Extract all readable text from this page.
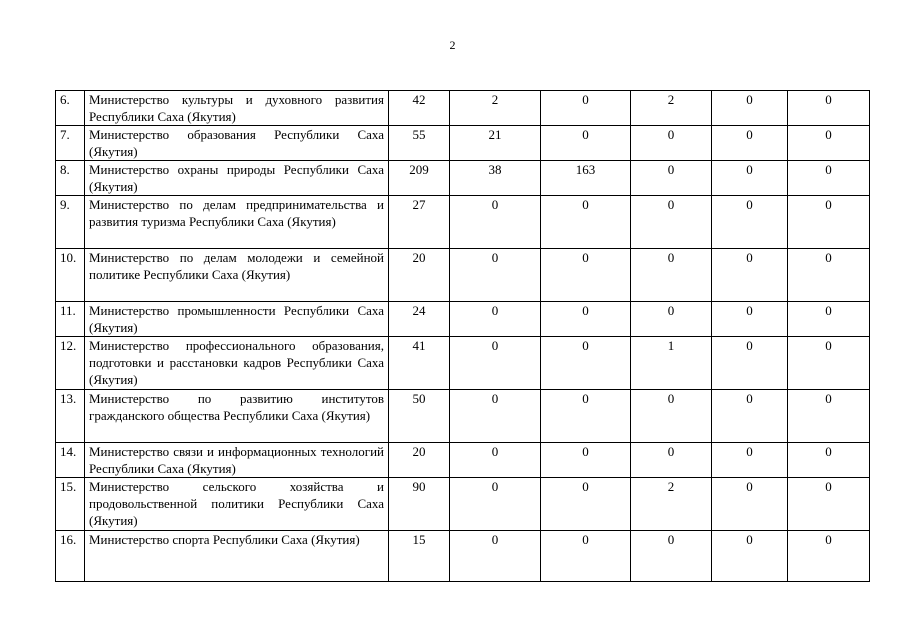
2
6.	Министерство культуры и духовного развития Республики Саха (Якутия)	42	2	0	2	0	0
7.	Министерство образования Республики Саха (Якутия)	55	21	0	0	0	0
8.	Министерство охраны природы Республики Саха (Якутия)	209	38	163	0	0	0
9.	Министерство по делам предпринимательства и развития туризма Республики Саха (Якутия)	27	0	0	0	0	0
10.	Министерство по делам молодежи и семейной политике Республики Саха (Якутия)	20	0	0	0	0	0
11.	Министерство промышленности Республики Саха (Якутия)	24	0	0	0	0	0
12.	Министерство профессионального образования, подготовки и расстановки кадров Республики Саха (Якутия)	41	0	0	1	0	0
13.	Министерство по развитию институтов гражданского общества Республики Саха (Якутия)	50	0	0	0	0	0
14.	Министерство связи и информационных технологий Республики Саха (Якутия)	20	0	0	0	0	0
15.	Министерство сельского хозяйства и продовольственной политики Республики Саха (Якутия)	90	0	0	2	0	0
16.	Министерство спорта Республики Саха (Якутия)	15	0	0	0	0	0
